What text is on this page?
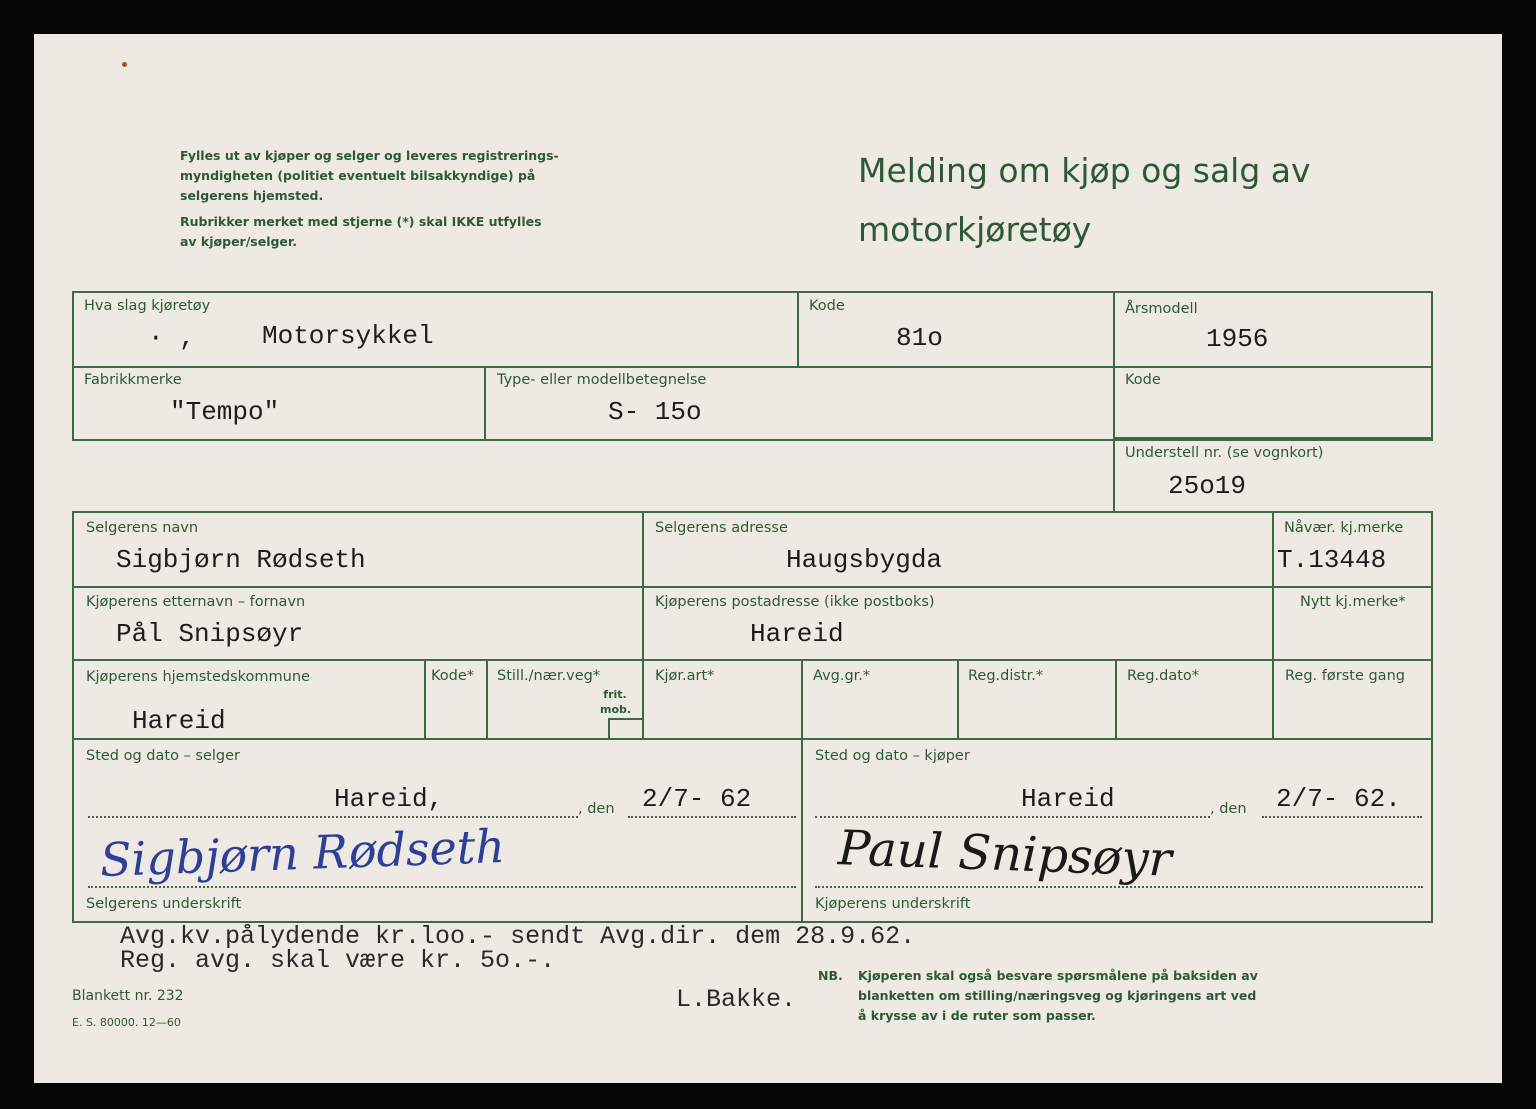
Fylles ut av kjøper og selger og leveres registrerings-
myndigheten (politiet eventuelt bilsakkyndige) på
selgerens hjemsted.
Rubrikker merket med stjerne (*) skal IKKE utfylles
av kjøper/selger.
Melding om kjøp og salg av
motorkjøretøy
Hva slag kjøretøy
· ,	Motorsykkel
Kode
81o
Årsmodell
1956
Fabrikkmerke
"Tempo"
Type- eller modellbetegnelse
S- 15o
Kode
Understell nr. (se vognkort)
25o19
Selgerens navn
Sigbjørn Rødseth
Selgerens adresse
Haugsbygda
Nåvær. kj.merke
T.13448
Kjøperens etternavn – fornavn
Pål Snipsøyr
Kjøperens postadresse (ikke postboks)
Hareid
Nytt kj.merke*
Kjøperens hjemstedskommune
Hareid
Kode* Still./nær.veg*
frit.
mob.
Kjør.art*	Avg.gr.*	Reg.distr.*	Reg.dato*	Reg. første gang
Sted og dato – selger
Hareid,	, den 2/7- 62
Sted og dato – kjøper
Hareid	, den 2/7- 62.
Sigbjørn Rødseth	Paul Snipsøyr
Selgerens underskrift	Kjøperens underskrift
Avg.kv.pålydende kr.loo.- sendt Avg.dir. dem 28.9.62.
Reg. avg. skal være kr. 5o.-.
L.Bakke.
Blankett nr. 232
E. S. 80000. 12—60
NB. Kjøperen skal også besvare spørsmålene på baksiden av
blanketten om stilling/næringsveg og kjøringens art ved
å krysse av i de ruter som passer.
